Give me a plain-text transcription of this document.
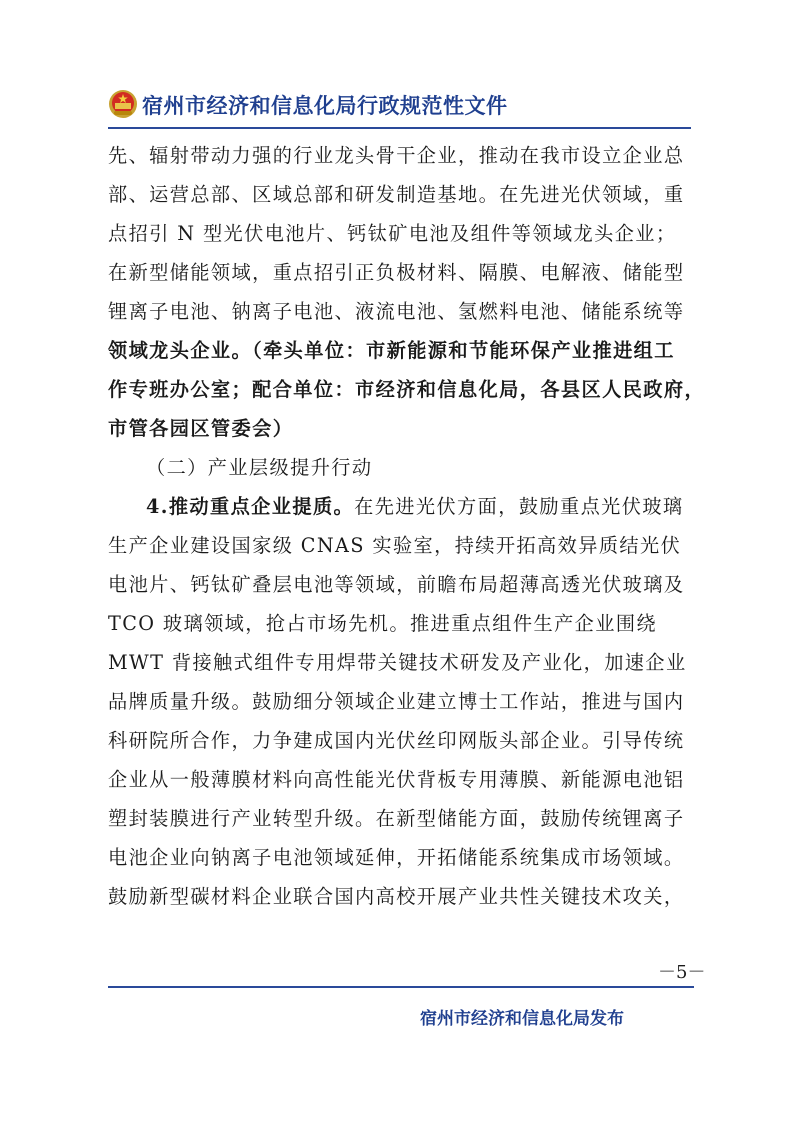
宿州市经济和信息化局行政规范性文件
先、辐射带动力强的行业龙头骨干企业，推动在我市设立企业总
部、运营总部、区域总部和研发制造基地。在先进光伏领域，重
点招引 N 型光伏电池片、钙钛矿电池及组件等领域龙头企业；
在新型储能领域，重点招引正负极材料、隔膜、电解液、储能型
锂离子电池、钠离子电池、液流电池、氢燃料电池、储能系统等
领域龙头企业。（牵头单位：市新能源和节能环保产业推进组工
作专班办公室；配合单位：市经济和信息化局，各县区人民政府，
市管各园区管委会）
（二）产业层级提升行动
4.推动重点企业提质。在先进光伏方面，鼓励重点光伏玻璃
生产企业建设国家级 CNAS 实验室，持续开拓高效异质结光伏
电池片、钙钛矿叠层电池等领域，前瞻布局超薄高透光伏玻璃及
TCO 玻璃领域，抢占市场先机。推进重点组件生产企业围绕
MWT 背接触式组件专用焊带关键技术研发及产业化，加速企业
品牌质量升级。鼓励细分领域企业建立博士工作站，推进与国内
科研院所合作，力争建成国内光伏丝印网版头部企业。引导传统
企业从一般薄膜材料向高性能光伏背板专用薄膜、新能源电池铝
塑封装膜进行产业转型升级。在新型储能方面，鼓励传统锂离子
电池企业向钠离子电池领域延伸，开拓储能系统集成市场领域。
鼓励新型碳材料企业联合国内高校开展产业共性关键技术攻关，
－5－
宿州市经济和信息化局发布
